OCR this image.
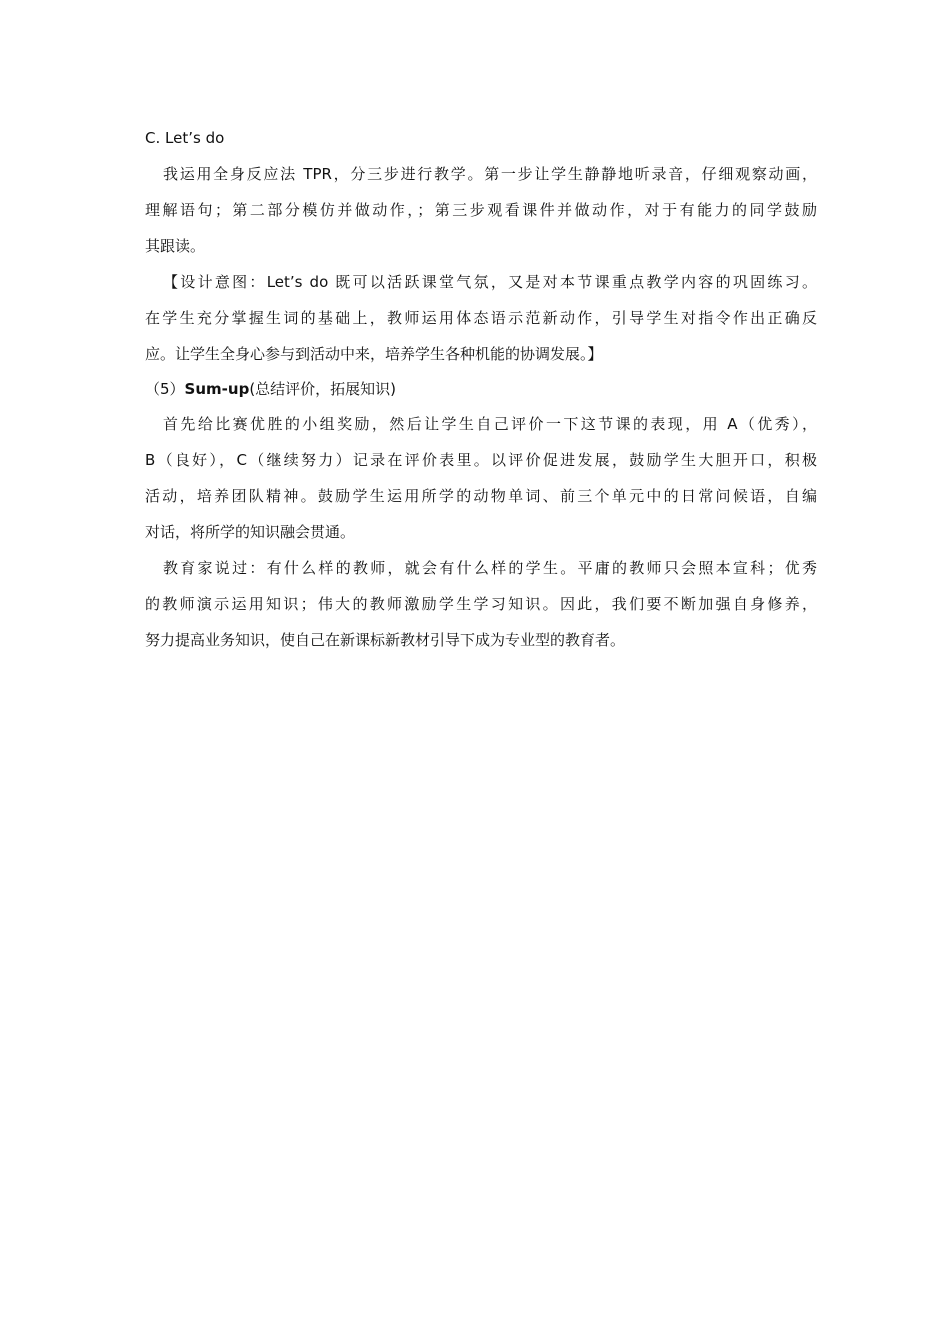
C. Let’s do
我运用全身反应法 TPR，分三步进行教学。第一步让学生静静地听录音，仔细观察动画，
理解语句；第二部分模仿并做动作，；第三步观看课件并做动作，对于有能力的同学鼓励
其跟读。
【设计意图：Let’s do 既可以活跃课堂气氛，又是对本节课重点教学内容的巩固练习。
在学生充分掌握生词的基础上，教师运用体态语示范新动作，引导学生对指令作出正确反
应。让学生全身心参与到活动中来，培养学生各种机能的协调发展。】
（5）Sum-up(总结评价，拓展知识)
首先给比赛优胜的小组奖励，然后让学生自己评价一下这节课的表现，用 A（优秀），
B（良好），C（继续努力）记录在评价表里。以评价促进发展，鼓励学生大胆开口，积极
活动，培养团队精神。鼓励学生运用所学的动物单词、前三个单元中的日常问候语，自编
对话，将所学的知识融会贯通。
教育家说过：有什么样的教师，就会有什么样的学生。平庸的教师只会照本宣科；优秀
的教师演示运用知识；伟大的教师激励学生学习知识。因此，我们要不断加强自身修养，
努力提高业务知识，使自己在新课标新教材引导下成为专业型的教育者。
